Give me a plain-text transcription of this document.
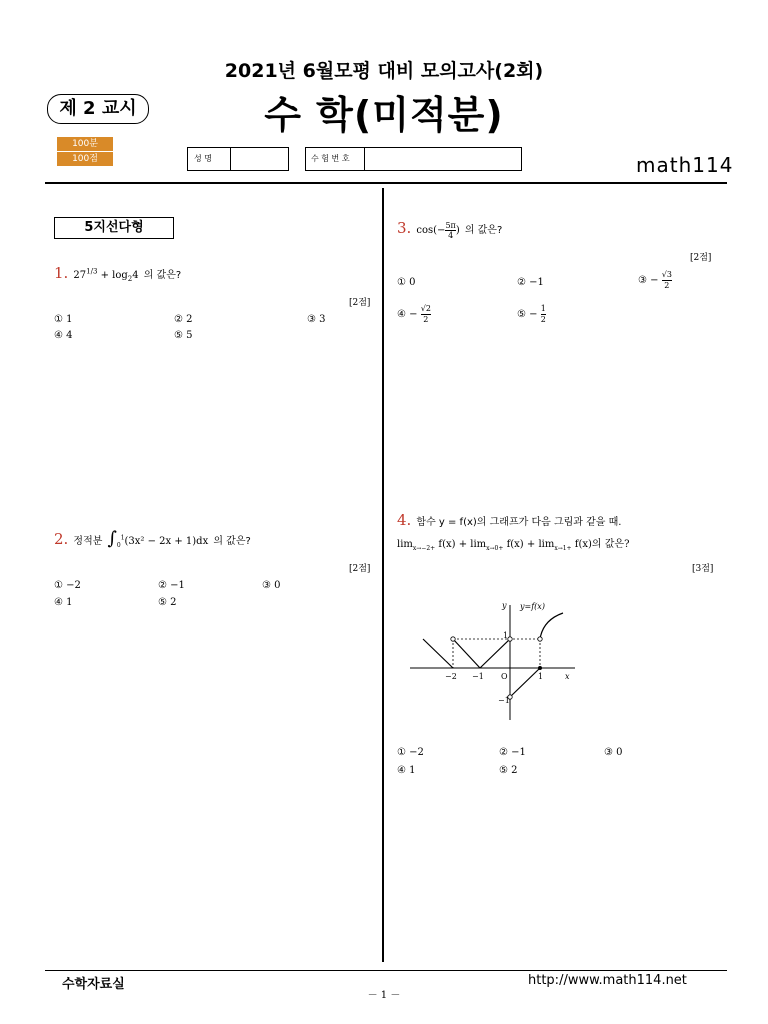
2021년 6월모평 대비 모의고사(2회)
제 2 교시	수 학(미적분)
100분
100점	성 명	수 험 번 호	math114
5지선다형
1. $27^{1/3} + \log_24$ 의 값은?
[2점]
① 1	② 2	③ 3
④ 4	⑤ 5
2. 정적분 $\int_0^1(3x^2 - 2x + 1)dx$ 의 값은?
[2점]
① −2	② −1	③ 0
④ 1	⑤ 2
3. $\cos(- \frac{5\pi}{4}$ ) 의 값은?
[2점]
① 0	② −1	③ − $\frac{√3}{2}$
④ − $\frac{√2}{2}$	⑤ − $\frac{1}{2}$
4. 함수 y = f(x)의 그래프가 다음 그림과 같을 때.
$\lim_{x\to-2+} f(x) + \lim_{x\to 0+} f(x) + \lim_{x\to 1+} f(x)$의 값은?
[3점]
y=f(x)
y
x
−2 −1 O	1
1
−1
① −2	② −1	③ 0
④ 1	⑤ 2
수학자료실	http://www.math114.net
－ 1 －
